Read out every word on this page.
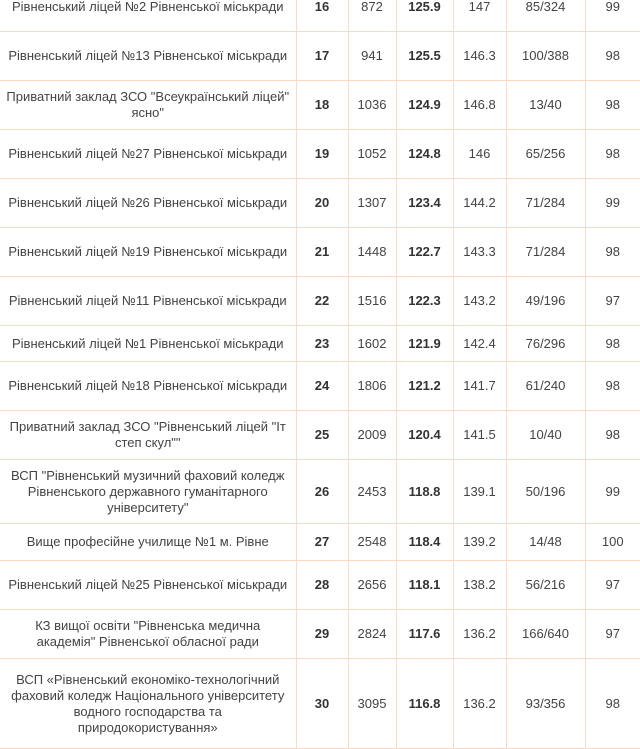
Рівненський ліцей №2 Рівненської міськради	16	872	125.9	147	85/324	99
Рівненський ліцей №13 Рівненської міськради	17	941	125.5	146.3	100/388	98
Приватний заклад ЗСО "Всеукраїнський ліцей" ясно"	18	1036	124.9	146.8	13/40	98
Рівненський ліцей №27 Рівненської міськради	19	1052	124.8	146	65/256	98
Рівненський ліцей №26 Рівненської міськради	20	1307	123.4	144.2	71/284	99
Рівненський ліцей №19 Рівненської міськради	21	1448	122.7	143.3	71/284	98
Рівненський ліцей №11 Рівненської міськради	22	1516	122.3	143.2	49/196	97
Рівненський ліцей №1 Рівненської міськради	23	1602	121.9	142.4	76/296	98
Рівненський ліцей №18 Рівненської міськради	24	1806	121.2	141.7	61/240	98
Приватний заклад ЗСО "Рівненський ліцей "Іт степ скул""	25	2009	120.4	141.5	10/40	98
ВСП "Рівненський музичний фаховий коледж Рівненського державного гуманітарного університету"	26	2453	118.8	139.1	50/196	99
Вище професійне училище №1 м. Рівне	27	2548	118.4	139.2	14/48	100
Рівненський ліцей №25 Рівненської міськради	28	2656	118.1	138.2	56/216	97
КЗ вищої освіти "Рівненська медична академія" Рівненської обласної ради	29	2824	117.6	136.2	166/640	97
ВСП «Рівненський економіко-технологічний фаховий коледж Національного університету водного господарства та природокористування»	30	3095	116.8	136.2	93/356	98
